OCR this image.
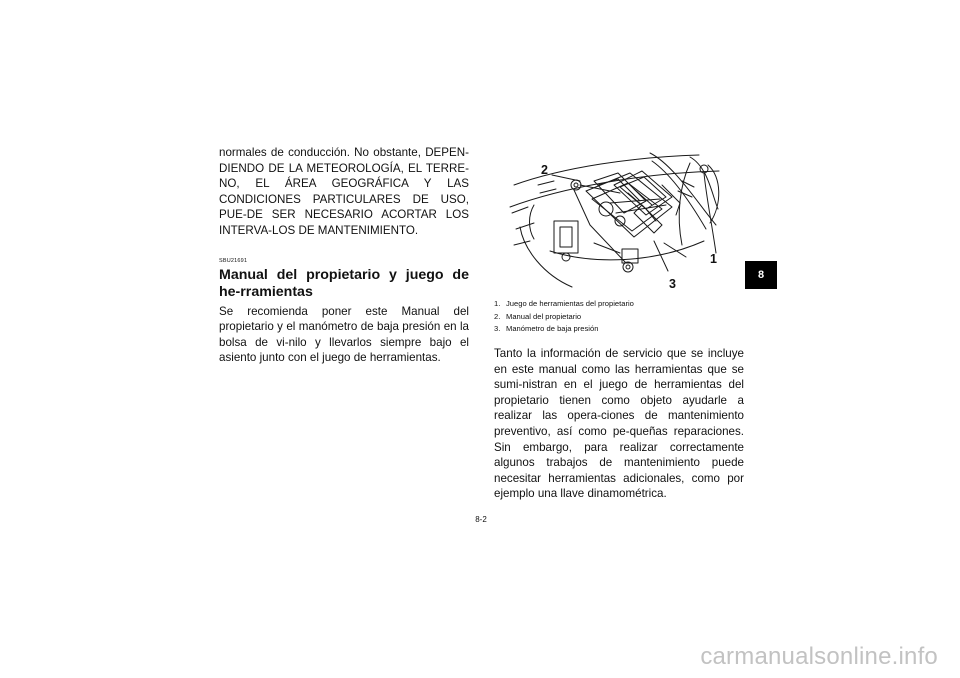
normales de conducción. No obstante, DEPEN-DIENDO DE LA METEOROLOGÍA, EL TERRE-NO, EL ÁREA GEOGRÁFICA Y LAS CONDICIONES PARTICULARES DE USO, PUE-DE SER NECESARIO ACORTAR LOS INTERVA-LOS DE MANTENIMIENTO.

SBU21691
Manual del propietario y juego de he-rramientas

Se recomienda poner este Manual del propietario y el manómetro de baja presión en la bolsa de vi-nilo y llevarlos siempre bajo el asiento junto con el juego de herramientas.

2
1
3
1. Juego de herramientas del propietario
2. Manual del propietario
3. Manómetro de baja presión

Tanto la información de servicio que se incluye en este manual como las herramientas que se sumi-nistran en el juego de herramientas del propietario tienen como objeto ayudarle a realizar las opera-ciones de mantenimiento preventivo, así como pe-queñas reparaciones. Sin embargo, para realizar correctamente algunos trabajos de mantenimiento puede necesitar herramientas adicionales, como por ejemplo una llave dinamométrica.

8
8-2
carmanualsonline.info
